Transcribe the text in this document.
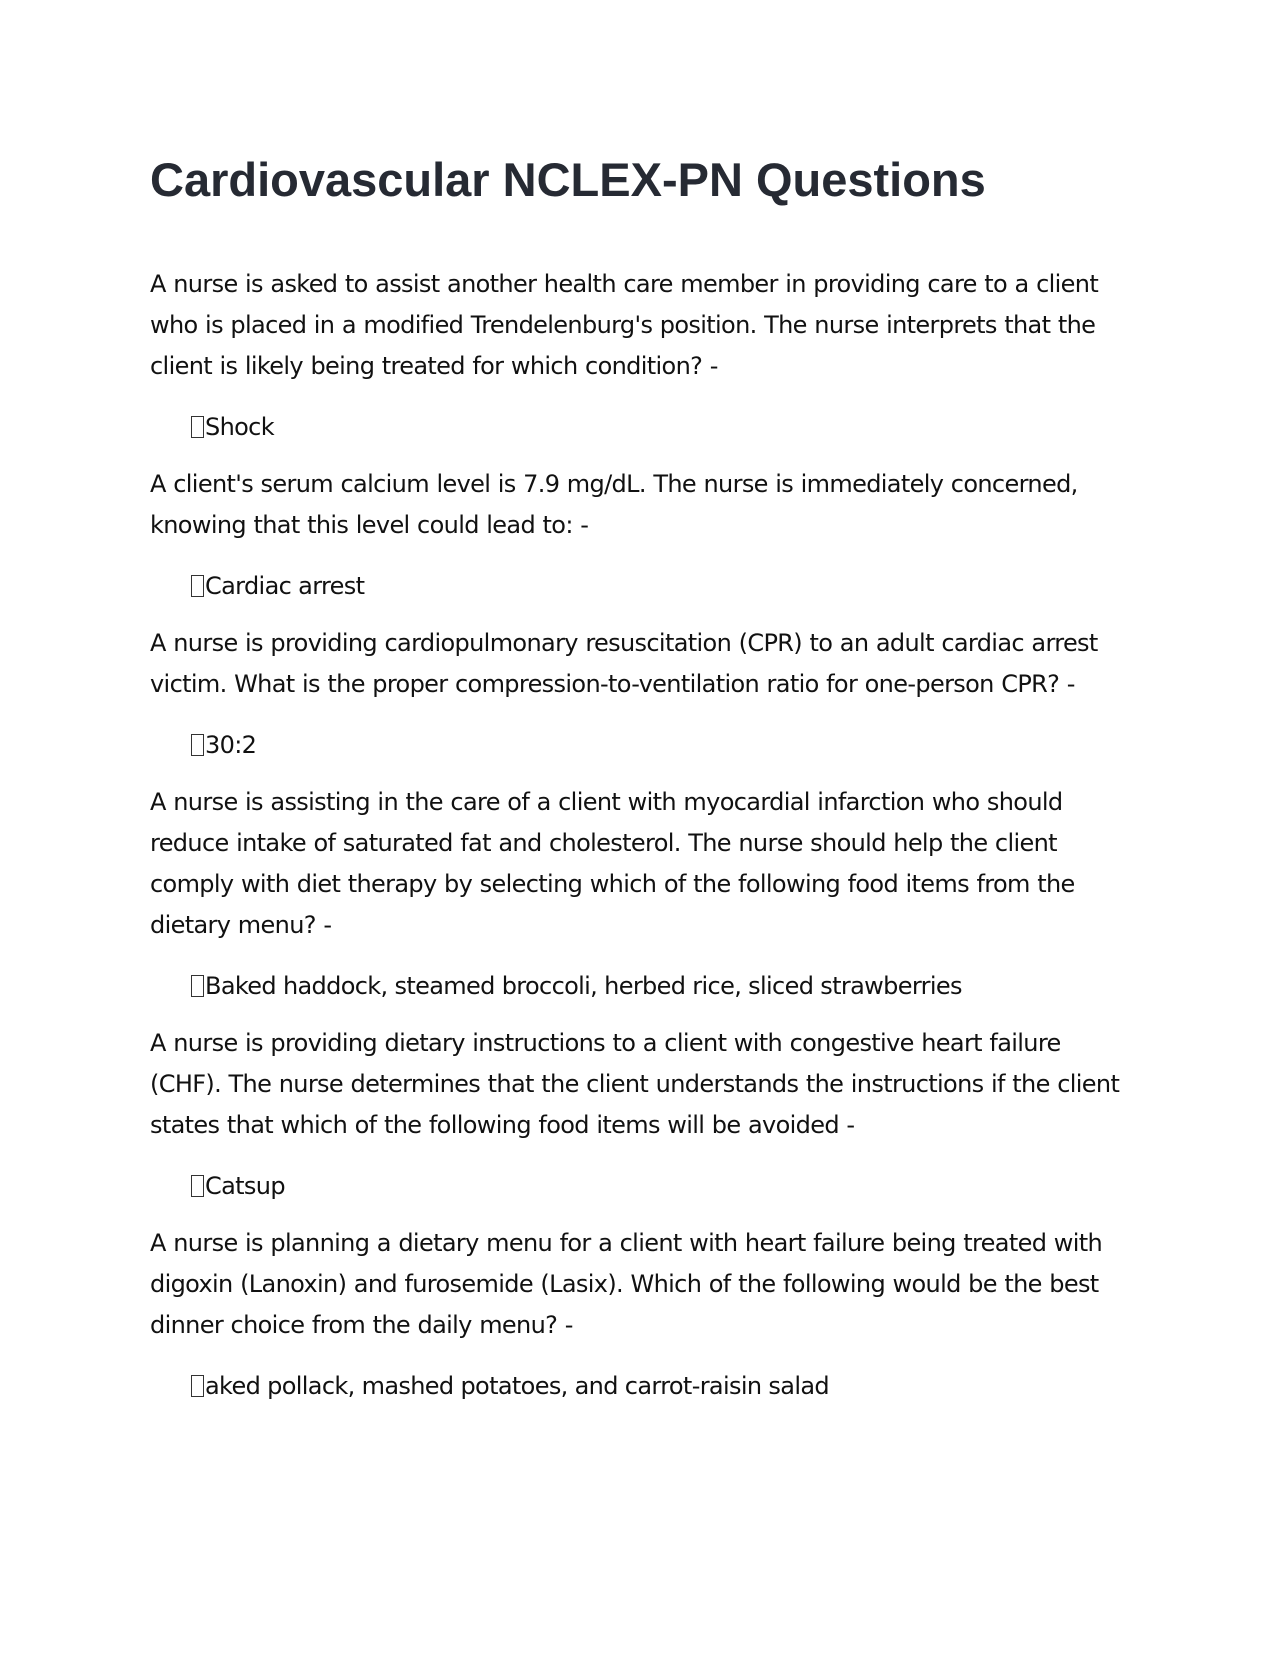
Cardiovascular NCLEX-PN Questions

A nurse is asked to assist another health care member in providing care to a client who is placed in a modified Trendelenburg's position. The nurse interprets that the client is likely being treated for which condition? -

Shock

A client's serum calcium level is 7.9 mg/dL. The nurse is immediately concerned, knowing that this level could lead to: -

Cardiac arrest

A nurse is providing cardiopulmonary resuscitation (CPR) to an adult cardiac arrest victim. What is the proper compression-to-ventilation ratio for one-person CPR? -

30:2

A nurse is assisting in the care of a client with myocardial infarction who should reduce intake of saturated fat and cholesterol. The nurse should help the client comply with diet therapy by selecting which of the following food items from the dietary menu? -

Baked haddock, steamed broccoli, herbed rice, sliced strawberries

A nurse is providing dietary instructions to a client with congestive heart failure (CHF). The nurse determines that the client understands the instructions if the client states that which of the following food items will be avoided -

Catsup

A nurse is planning a dietary menu for a client with heart failure being treated with digoxin (Lanoxin) and furosemide (Lasix). Which of the following would be the best dinner choice from the daily menu? -

aked pollack, mashed potatoes, and carrot-raisin salad
